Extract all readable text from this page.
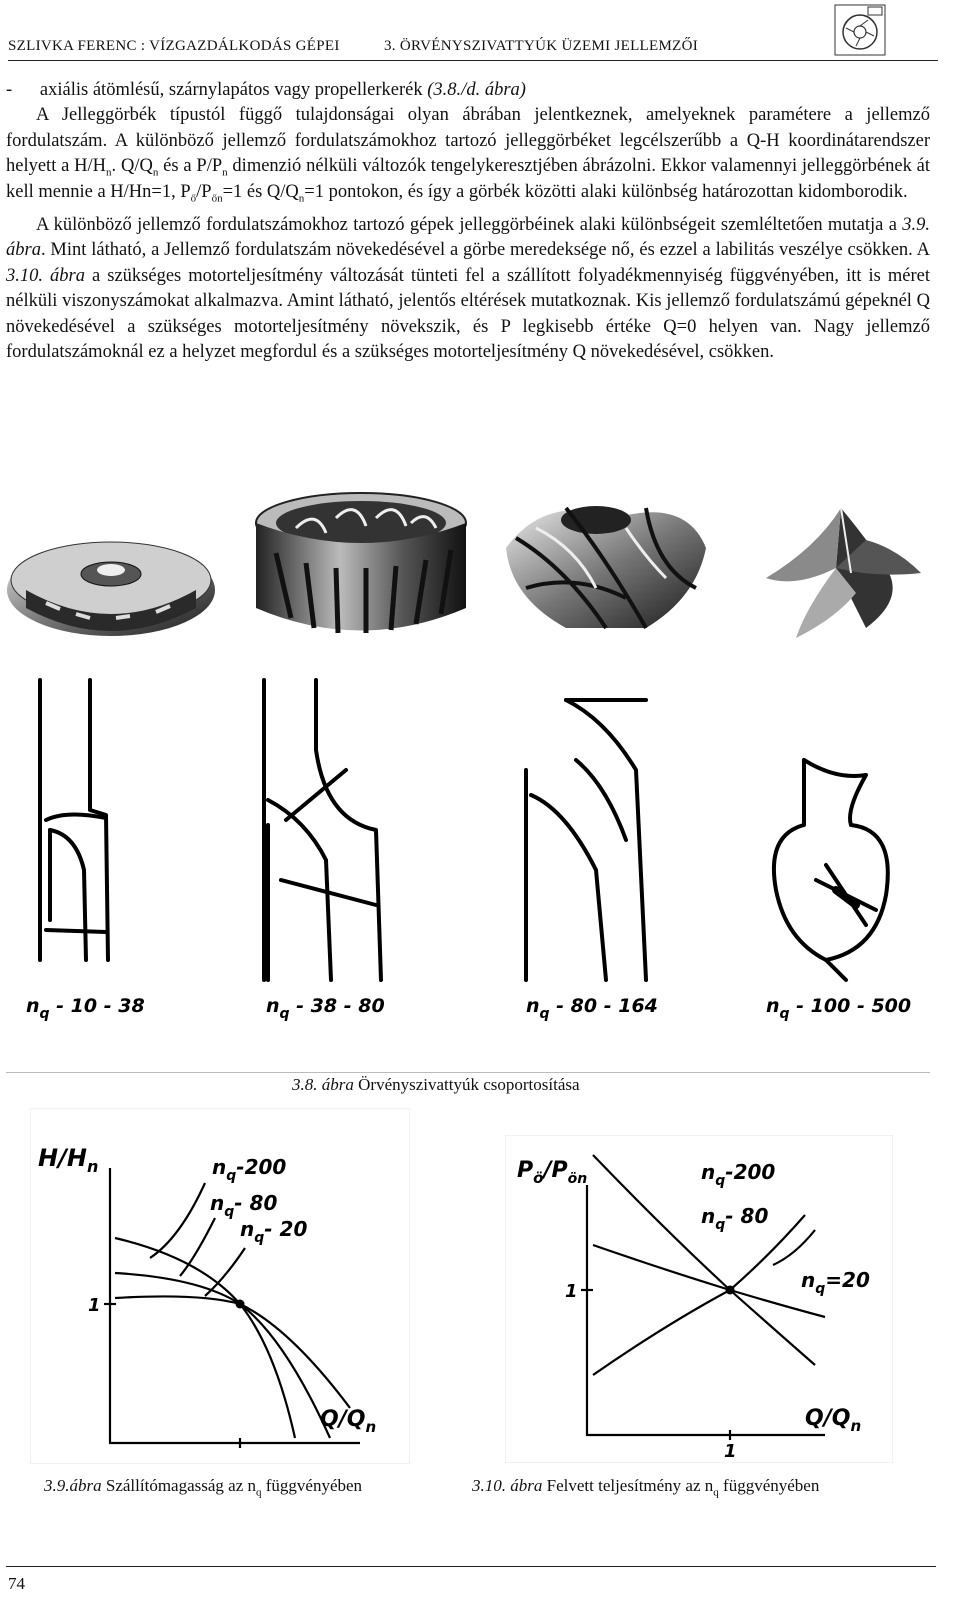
SZLIVKA FERENC : VÍZGAZDÁLKODÁS GÉPEI	3. ÖRVÉNYSZIVATTYÚK ÜZEMI JELLEMZŐI

- axiális átömlésű, szárnylapátos vagy propellerkerék (3.8./d. ábra)

A Jelleggörbék típustól függő tulajdonságai olyan ábrában jelentkeznek, amelyeknek paramétere a jellemző fordulatszám. A különböző jellemző fordulatszámokhoz tartozó jelleggörbéket legcélszerűbb a Q-H koordinátarendszer helyett a $H/H_n$. $Q/Q_n$ és a $P/P_n$ dimenzió nélküli változók tengelykeresztjében ábrázolni. Ekkor valamennyi jelleggörbének át kell mennie a H/Hn=1, $P_ő/P_{őn}=1$ és $Q/Q_n=1$ pontokon, és így a görbék közötti alaki különbség határozottan kidomborodik.

A különböző jellemző fordulatszámokhoz tartozó gépek jelleggörbéinek alaki különbségeit szemléltetően mutatja a 3.9. ábra. Mint látható, a Jellemző fordulatszám növekedésével a görbe meredeksége nő, és ezzel a labilitás veszélye csökken. A 3.10. ábra a szükséges motorteljesítmény változását tünteti fel a szállított folyadékmennyiség függvényében, itt is méret nélküli viszonyszámokat alkalmazva. Amint látható, jelentős eltérések mutatkoznak. Kis jellemző fordulatszámú gépeknél Q növekedésével a szükséges motorteljesítmény növekszik, és P legkisebb értéke Q=0 helyen van. Nagy jellemző fordulatszámoknál ez a helyzet megfordul és a szükséges motorteljesítmény Q növekedésével, csökken.

$n_q - 10 - 38$	$n_q - 38 - 80$	$n_q - 80 - 164$	$n_q - 100 - 500$
3.8. ábra Örvényszivattyúk csoportosítása
$H/H_n$
$Q/Q_n$
1
$n_q-200$
$n_q-$ 80
$n_q-$ 20
$P_ö/P_{ön}$
$Q/Q_n$
1
1
$n_q-200$
$n_q-$ 80
$n_q=20$
3.9.ábra Szállítómagasság az $n_q$ függvényében	3.10. ábra Felvett teljesítmény az $n_q$ függvényében
74
